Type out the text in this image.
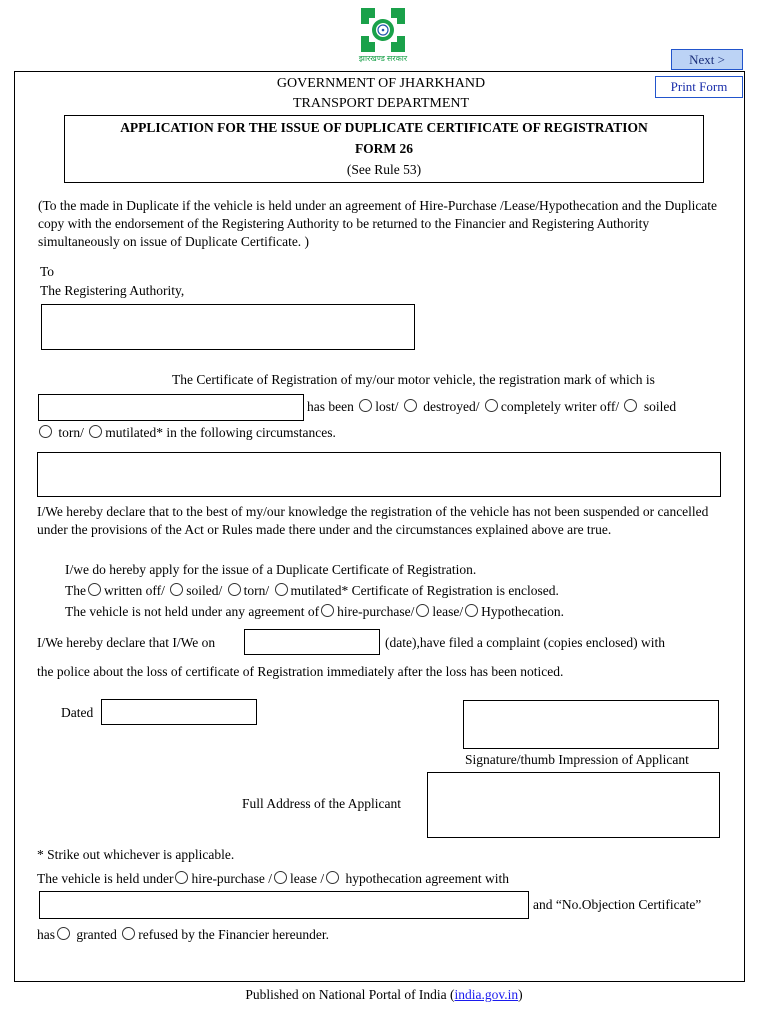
झारखण्ड सरकार	Next >
Print Form
GOVERNMENT OF JHARKHAND
TRANSPORT DEPARTMENT
APPLICATION FOR THE ISSUE OF DUPLICATE CERTIFICATE OF REGISTRATION
FORM 26
(See Rule 53)
(To the made in Duplicate if the vehicle is held under an agreement of Hire-Purchase /Lease/Hypothecation and the Duplicate copy with the endorsement of the Registering Authority to be returned to the Financier and Registering Authority simultaneously on issue of Duplicate Certificate. )
To
The Registering Authority,
The Certificate of Registration of my/our motor vehicle, the registration mark of which is
has been lost/ destroyed/ completely writer off/ soiled
torn/ mutilated* in the following circumstances.
I/We hereby declare that to the best of my/our knowledge the registration of the vehicle has not been suspended or cancelled under the provisions of the Act or Rules made there under and the circumstances explained above are true.
I/we do hereby apply for the issue of a Duplicate Certificate of Registration.
The written off/ soiled/ torn/ mutilated* Certificate of Registration is enclosed.
The vehicle is not held under any agreement of hire-purchase/ lease/ Hypothecation.
I/We hereby declare that I/We on	(date),have filed a complaint (copies enclosed) with
the police about the loss of certificate of Registration immediately after the loss has been noticed.
Dated
Signature/thumb Impression of Applicant
Full Address of the Applicant
* Strike out whichever is applicable.
The vehicle is held under hire-purchase / lease / hypothecation agreement with
and “No.Objection Certificate”
has granted refused by the Financier hereunder.
Published on National Portal of India (india.gov.in)
